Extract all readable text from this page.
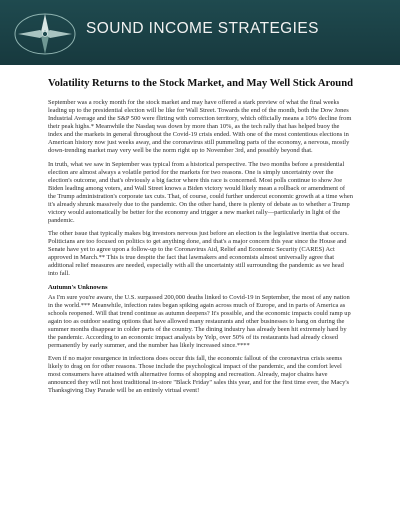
SOUND INCOME STRATEGIES
Volatility Returns to the Stock Market, and May Well Stick Around

September was a rocky month for the stock market and may have offered a stark preview of what the final weeks leading up to the presidential election will be like for Wall Street. Towards the end of the month, both the Dow Jones Industrial Average and the S&P 500 were flirting with correction territory, which officially means a 10% decline from their peak highs.* Meanwhile the Nasdaq was down by more than 10%, as the tech rally that has helped buoy the index and the markets in general throughout the Covid-19 crisis ended. With one of the most contentious elections in American history now just weeks away, and the coronavirus still pummeling parts of the economy, a nervous, mostly down-trending market may very well be the norm right up to November 3rd, and possibly beyond that.

In truth, what we saw in September was typical from a historical perspective. The two months before a presidential election are almost always a volatile period for the markets for two reasons. One is simply uncertainty over the election's outcome, and that's obviously a big factor where this race is concerned. Most polls continue to show Joe Biden leading among voters, and Wall Street knows a Biden victory would likely mean a rollback or amendment of the Trump administration's corporate tax cuts. That, of course, could further undercut economic growth at a time when it's already shrunk massively due to the pandemic. On the other hand, there is plenty of debate as to whether a Trump victory would automatically be better for the economy and trigger a new market rally—particularly in light of the pandemic.

The other issue that typically makes big investors nervous just before an election is the legislative inertia that occurs. Politicians are too focused on politics to get anything done, and that's a major concern this year since the House and Senate have yet to agree upon a follow-up to the Coronavirus Aid, Relief and Economic Security (CARES) Act approved in March.** This is true despite the fact that lawmakers and economists almost universally agree that additional relief measures are needed, especially with all the uncertainty still surrounding the pandemic as we head into fall.

Autumn's Unknowns

As I'm sure you're aware, the U.S. surpassed 200,000 deaths linked to Covid-19 in September, the most of any nation in the world.*** Meanwhile, infection rates began spiking again across much of Europe, and in parts of America as schools reopened. Will that trend continue as autumn deepens? It's possible, and the economic impacts could ramp up again too as outdoor seating options that have allowed many restaurants and other businesses to hang on during the summer months disappear in colder parts of the country. The dining industry has already been hit extremely hard by the pandemic. According to an economic impact analysis by Yelp, over 50% of its restaurants had already closed permanently by early summer, and the number has likely increased since.****

Even if no major resurgence in infections does occur this fall, the economic fallout of the coronavirus crisis seems likely to drag on for other reasons. Those include the psychological impact of the pandemic, and the comfort level most consumers have attained with alternative forms of shopping and recreation. Already, major chains have announced they will not host traditional in-store "Black Friday" sales this year, and for the first time ever, the Macy's Thanksgiving Day Parade will be an entirely virtual event!
